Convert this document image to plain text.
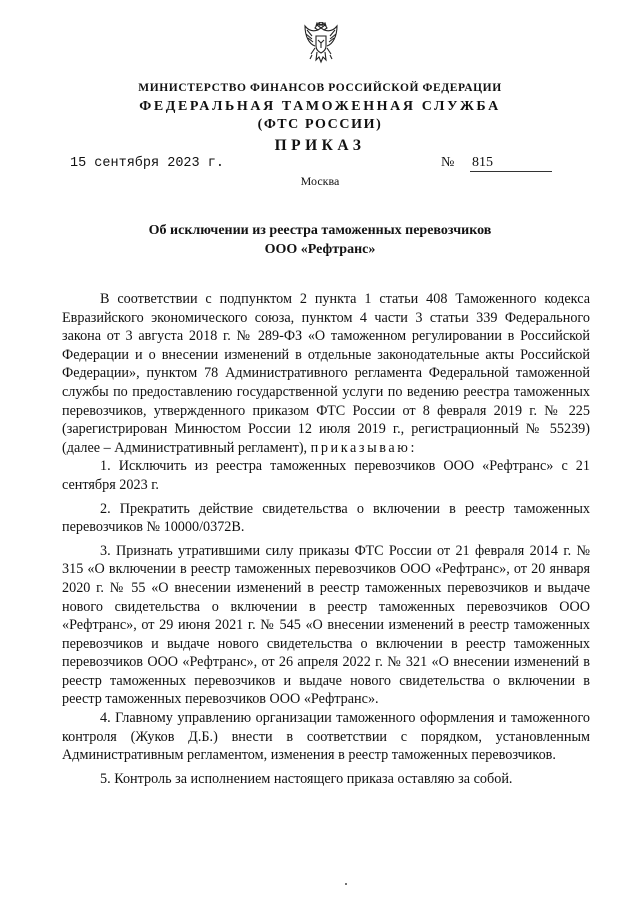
МИНИСТЕРСТВО ФИНАНСОВ РОССИЙСКОЙ ФЕДЕРАЦИИ
ФЕДЕРАЛЬНАЯ ТАМОЖЕННАЯ СЛУЖБА
(ФТС РОССИИ)
ПРИКАЗ
15 сентября 2023 г.	№ 815
Москва
Об исключении из реестра таможенных перевозчиков
ООО «Рефтранс»

В соответствии с подпунктом 2 пункта 1 статьи 408 Таможенного кодекса Евразийского экономического союза, пунктом 4 части 3 статьи 339 Федерального закона от 3 августа 2018 г. № 289-ФЗ «О таможенном регулировании в Российской Федерации и о внесении изменений в отдельные законодательные акты Российской Федерации», пунктом 78 Административного регламента Федеральной таможенной службы по предоставлению государственной услуги по ведению реестра таможенных перевозчиков, утвержденного приказом ФТС России от 8 февраля 2019 г. № 225 (зарегистрирован Минюстом России 12 июля 2019 г., регистрационный № 55239) (далее – Административный регламент), приказываю:

1. Исключить из реестра таможенных перевозчиков ООО «Рефтранс» с 21 сентября 2023 г.

2. Прекратить действие свидетельства о включении в реестр таможенных перевозчиков № 10000/0372В.

3. Признать утратившими силу приказы ФТС России от 21 февраля 2014 г. № 315 «О включении в реестр таможенных перевозчиков ООО «Рефтранс», от 20 января 2020 г. № 55 «О внесении изменений в реестр таможенных перевозчиков и выдаче нового свидетельства о включении в реестр таможенных перевозчиков ООО «Рефтранс», от 29 июня 2021 г. № 545 «О внесении изменений в реестр таможенных перевозчиков и выдаче нового свидетельства о включении в реестр таможенных перевозчиков ООО «Рефтранс», от 26 апреля 2022 г. № 321 «О внесении изменений в реестр таможенных перевозчиков и выдаче нового свидетельства о включении в реестр таможенных перевозчиков ООО «Рефтранс».

4. Главному управлению организации таможенного оформления и таможенного контроля (Жуков Д.Б.) внести в соответствии с порядком, установленным Административным регламентом, изменения в реестр таможенных перевозчиков.

5. Контроль за исполнением настоящего приказа оставляю за собой.
